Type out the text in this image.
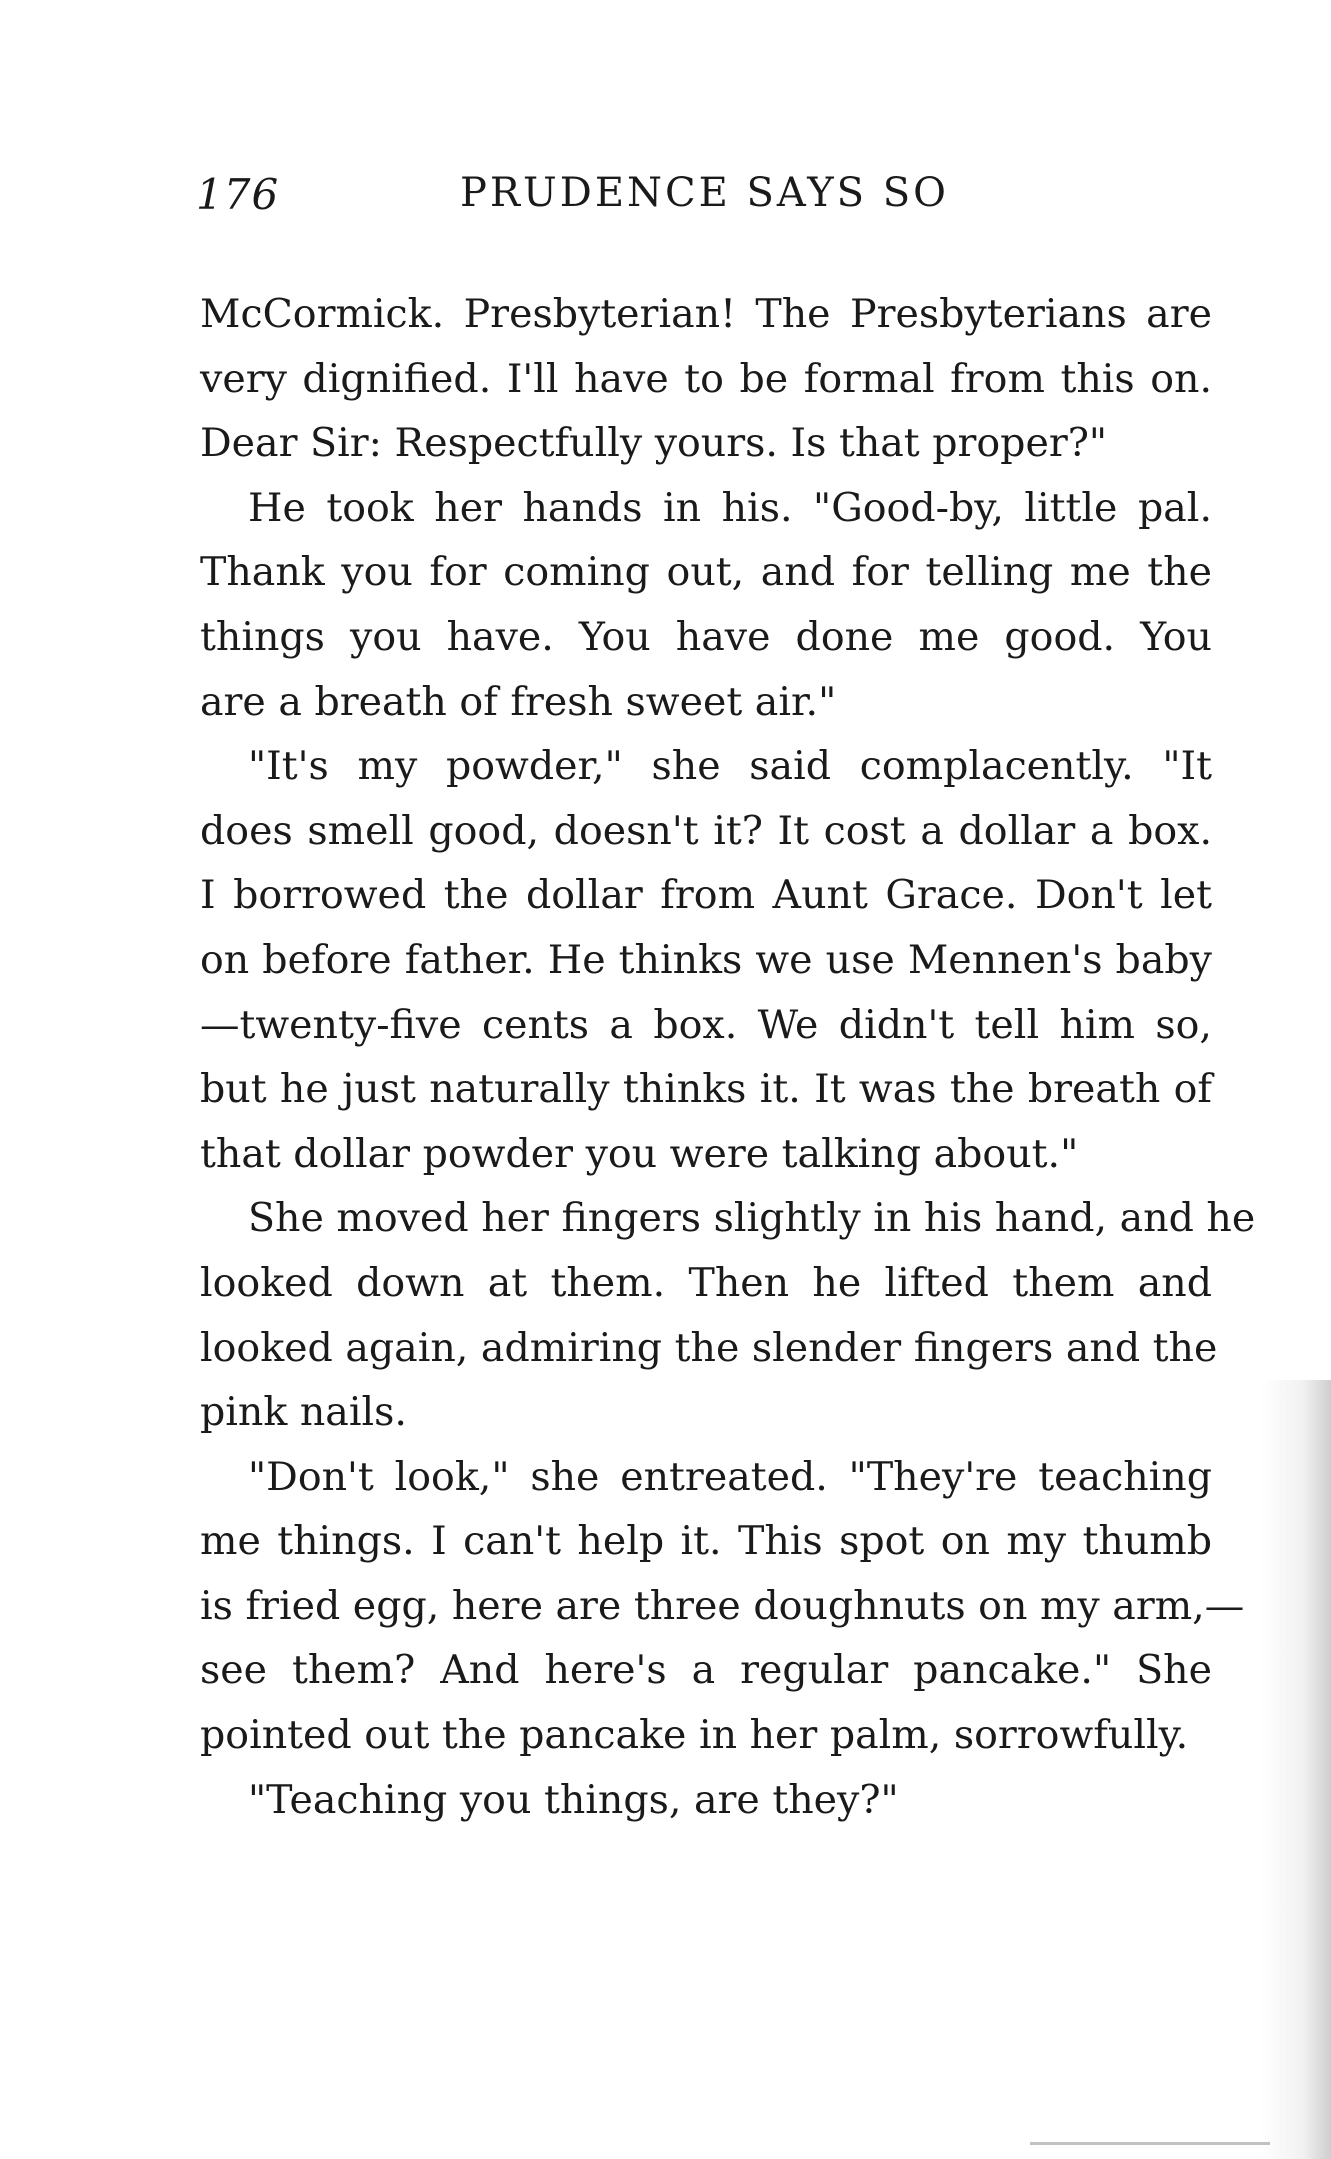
176	PRUDENCE SAYS SO
McCormick. Presbyterian! The Presbyterians are
very dignified. I'll have to be formal from this on.
Dear Sir: Respectfully yours. Is that proper?"
He took her hands in his. "Good-by, little pal.
Thank you for coming out, and for telling me the
things you have. You have done me good. You
are a breath of fresh sweet air."
"It's my powder," she said complacently. "It
does smell good, doesn't it? It cost a dollar a box.
I borrowed the dollar from Aunt Grace. Don't let
on before father. He thinks we use Mennen's baby
—twenty-five cents a box. We didn't tell him so,
but he just naturally thinks it. It was the breath of
that dollar powder you were talking about."
She moved her fingers slightly in his hand, and he
looked down at them. Then he lifted them and
looked again, admiring the slender fingers and the
pink nails.
"Don't look," she entreated. "They're teaching
me things. I can't help it. This spot on my thumb
is fried egg, here are three doughnuts on my arm,—
see them? And here's a regular pancake." She
pointed out the pancake in her palm, sorrowfully.
"Teaching you things, are they?"
